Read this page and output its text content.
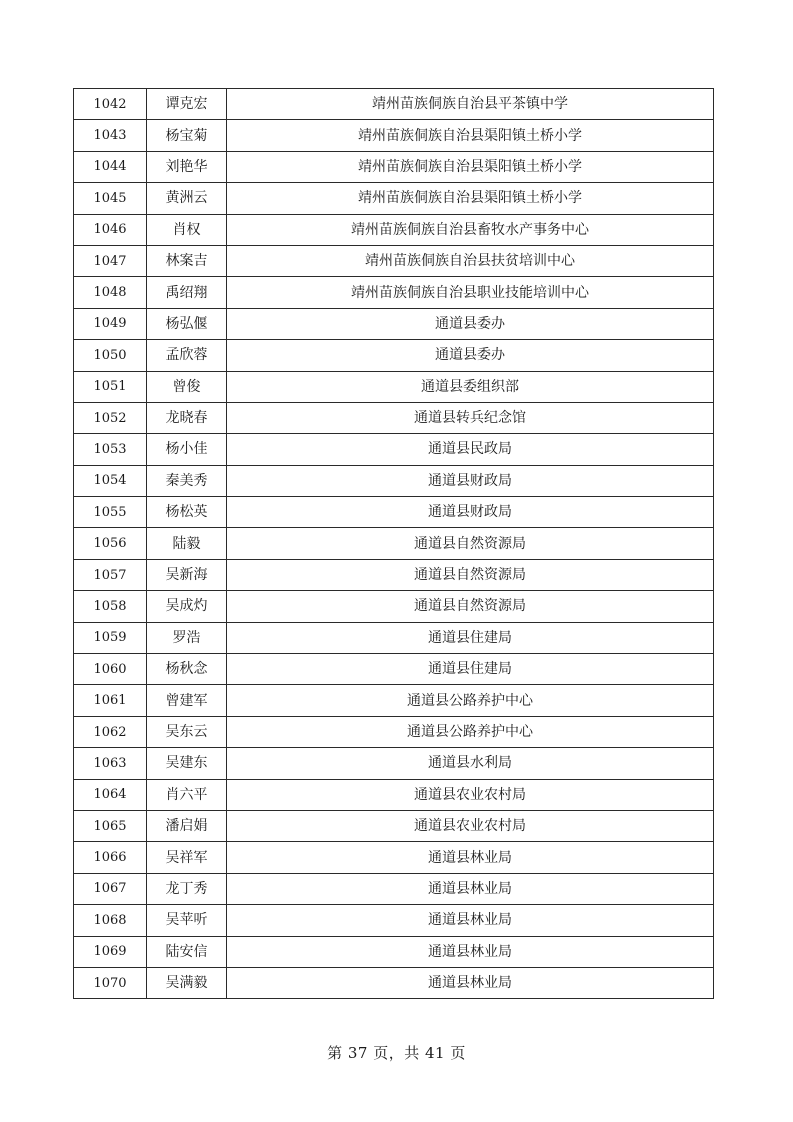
1042	谭克宏	靖州苗族侗族自治县平茶镇中学
1043	杨宝菊	靖州苗族侗族自治县渠阳镇土桥小学
1044	刘艳华	靖州苗族侗族自治县渠阳镇土桥小学
1045	黄洲云	靖州苗族侗族自治县渠阳镇土桥小学
1046	肖权	靖州苗族侗族自治县畜牧水产事务中心
1047	林案吉	靖州苗族侗族自治县扶贫培训中心
1048	禹绍翔	靖州苗族侗族自治县职业技能培训中心
1049	杨弘偃	通道县委办
1050	孟欣蓉	通道县委办
1051	曾俊	通道县委组织部
1052	龙晓春	通道县转兵纪念馆
1053	杨小佳	通道县民政局
1054	秦美秀	通道县财政局
1055	杨松英	通道县财政局
1056	陆毅	通道县自然资源局
1057	吴新海	通道县自然资源局
1058	吴成灼	通道县自然资源局
1059	罗浩	通道县住建局
1060	杨秋念	通道县住建局
1061	曾建军	通道县公路养护中心
1062	吴东云	通道县公路养护中心
1063	吴建东	通道县水利局
1064	肖六平	通道县农业农村局
1065	潘启娟	通道县农业农村局
1066	吴祥军	通道县林业局
1067	龙丁秀	通道县林业局
1068	吴苹听	通道县林业局
1069	陆安信	通道县林业局
1070	吴满毅	通道县林业局
第 37 页，共 41 页
